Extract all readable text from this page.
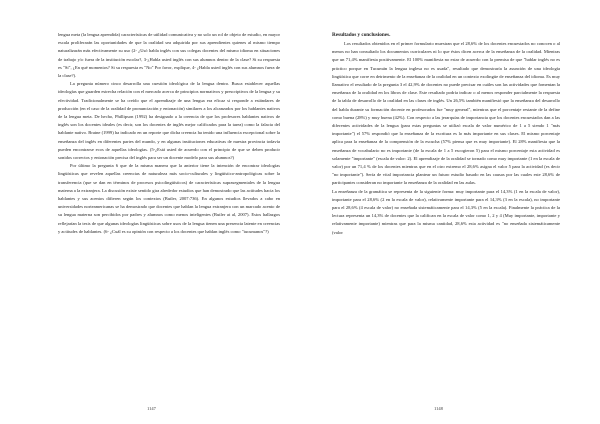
lengua meta (la lengua aprendida) características de utilidad comunicativa y no solo un rol de objeto de estudio, en mayor escala proliferarán las oportunidades de que la oralidad sea adquirida por sus aprendientes quienes al mismo tiempo naturalizarán más efectivamente su uso (2- ¿Usó habla inglés con sus colegas docentes del mismo idioma en situaciones de trabajo y/o fuera de la institución escolar?, 3-¿Habla usted inglés con sus alumnos dentro de la clase? Si su respuesta es "Sí", ¿En qué momentos? Si su respuesta es "No" Por favor, explique, 4- ¿Habla usted inglés con sus alumnos fuera de la clase?).

La pregunta número cinco desarrolla una cuestión ideológica de la lengua dentro. Busca establecer aquellas ideologías que guarden estrecha relación con el mercado acerca de principios normativos y prescriptivos de la lengua y su efectividad. Tradicionalmente se ha creído que el aprendizaje de una lengua era eficaz si responde a estándares de producción (en el caso de la oralidad de pronunciación y entonación) similares a los alcanzados por los hablantes nativos de la lengua meta. De hecho, Phillipson (1992) ha designado a la creencia de que los profesores hablantes nativos de inglés son los docentes ideales (es decir, son los docentes de inglés mejor calificados para la tarea) como la falacia del hablante nativo. Braine (1999) ha indicado en un reporte que dicha creencia ha tenido una influencia excepcional sobre la enseñanza del inglés en diferentes partes del mundo, y en algunas instituciones educativas de nuestra provincia todavía pueden encontrarse ecos de aquellas ideologías. (5-¿Está usted de acuerdo con el principio de que se deben producir sonidos correctos y entonación precisa del inglés para ser un docente modelo para sus alumnos?)

Por último la pregunta 6 que de la misma manera que la anterior tiene la intención de encontrar ideologías lingüísticas que revelen aquellas creencias de naturaleza más socio-culturales y lingüístico-antropológicas sobre la transferencia (que se dan en términos de procesos psicolingüísticos) de características suprasegmentales de la lengua materna a la extranjera. La discusión existe sentido gira alrededor estudios que han demostrado que las actitudes hacia los hablantes y sus acentos difieren según los contextos (Butler, 2007:736). En algunos estudios llevados a cabo en universidades norteamericanas se ha demostrado que docentes que hablan la lengua extranjera con un marcado acento de su lengua materna son percibidos por padres y alumnos como menos inteligentes (Butler at al, 2007). Estos hallazgos reflejarían la tesis de que algunas ideologías lingüísticas sobre usos de la lengua tienen una presencia latente en creencias y actitudes de hablantes. (6- ¿Cuál es su opinión con respecto a los docentes que hablan inglés como "tucumanos"?)

1147
Resultados y conclusiones.

Los resultados obtenidos en el primer formulario muestran que el 28,6% de los docentes encuestados no conocen o al menos no han consultado los documentos curriculares ni lo que éstos dicen acerca de la enseñanza de la oralidad. Mientras que un 71,4% manifiesta positivamente. El 100% manifiesta no estar de acuerdo con la premisa de que "hablar inglés no es práctico porque en Tucumán la lengua inglesa no es usada", resultado que demostraría la asunción de una ideología lingüística que corre en detrimento de la enseñanza de la oralidad en un contexto exolingüe de enseñanza del idioma. Es muy llamativo el resultado de la pregunta 3 el 42,9% de docentes no puede precisar en cuáles son las actividades que fomentan la enseñanza de la oralidad en los libros de clase. Este resultado podría indicar o al menos responder parcialmente la respuesta de la tabla de desarrollo de la oralidad en las clases de inglés. Un 26,5% también manifiestó que la enseñanza del desarrollo del habla durante su formación docente en profesorados fue "muy general", mientras que el porcentaje restante de la define como buena (28%) y muy buena (42%). Con respecto a las jerarquías de importancia que los docentes encuestados dan a las diferentes actividades de la lengua (para estas preguntas se utilizó escala de valor numérico de 1 a 5 siendo 1 "más importante") el 57% respondió que la enseñanza de la escritura es lo más importante en sus clases. El mismo porcentaje aplica para la enseñanza de la comprensión de la escucha (57% piensa que es muy importante). El 28% manifiesta que la enseñanza de vocabulario no es importante (de la escala de 1 a 5 escogieron 5) para el mismo porcentaje esta actividad es solamente "importante" (escala de valor: 2). El aprendizaje de la oralidad se tornado como muy importante (1 en la escala de valor) por un 71,4 % de los docentes mientras que en el otro extremo el 28,6% asigna el valor 5 para la actividad (es decir "no importante"). Sería de vital importancia plantear un futuro estudio basado en las causas por las cuales este 28,6% de participantes consideran no importante la enseñanza de la oralidad en las aulas.

La enseñanza de la gramática se representa de la siguiente forma: muy importante para el 14,3% (1 en la escala de valor), importante para el 28,6% (2 en la escala de valor), relativamente importante para el 14,3% (3 en la escala), no importante para el 28,6% (4 escala de valor) no enseñada sistemáticamente para el 14,3% (5 en la escala). Finalmente la práctica de la lectura representa un 14,3% de docentes que la califican en la escala de valor como 1, 2 y 4 (Muy importante, importante y relativamente importante) mientras que para la misma cantidad, 28,6% esta actividad es "no enseñada sistemáticamente (valor

1148
